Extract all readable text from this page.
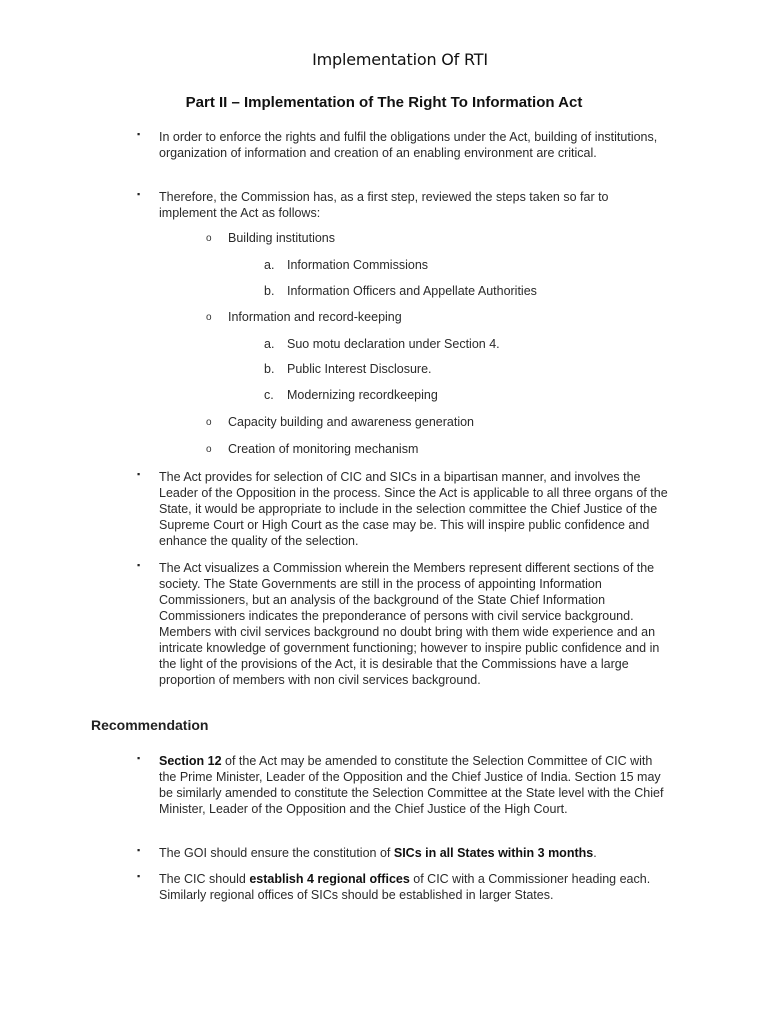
Implementation Of RTI
Part II – Implementation of The Right To Information Act
▪ In order to enforce the rights and fulfil the obligations under the Act, building of institutions, organization of information and creation of an enabling environment are critical.
▪ Therefore, the Commission has, as a first step, reviewed the steps taken so far to implement the Act as follows:
o Building institutions
a. Information Commissions
b. Information Officers and Appellate Authorities
o Information and record-keeping
a. Suo motu declaration under Section 4.
b. Public Interest Disclosure.
c. Modernizing recordkeeping
o Capacity building and awareness generation
o Creation of monitoring mechanism
▪ The Act provides for selection of CIC and SICs in a bipartisan manner, and involves the Leader of the Opposition in the process. Since the Act is applicable to all three organs of the State, it would be appropriate to include in the selection committee the Chief Justice of the Supreme Court or High Court as the case may be. This will inspire public confidence and enhance the quality of the selection.
▪ The Act visualizes a Commission wherein the Members represent different sections of the society. The State Governments are still in the process of appointing Information Commissioners, but an analysis of the background of the State Chief Information Commissioners indicates the preponderance of persons with civil service background. Members with civil services background no doubt bring with them wide experience and an intricate knowledge of government functioning; however to inspire public confidence and in the light of the provisions of the Act, it is desirable that the Commissions have a large proportion of members with non civil services background.
Recommendation
▪ Section 12 of the Act may be amended to constitute the Selection Committee of CIC with the Prime Minister, Leader of the Opposition and the Chief Justice of India. Section 15 may be similarly amended to constitute the Selection Committee at the State level with the Chief Minister, Leader of the Opposition and the Chief Justice of the High Court.
▪ The GOI should ensure the constitution of SICs in all States within 3 months.
▪ The CIC should establish 4 regional offices of CIC with a Commissioner heading each. Similarly regional offices of SICs should be established in larger States.
